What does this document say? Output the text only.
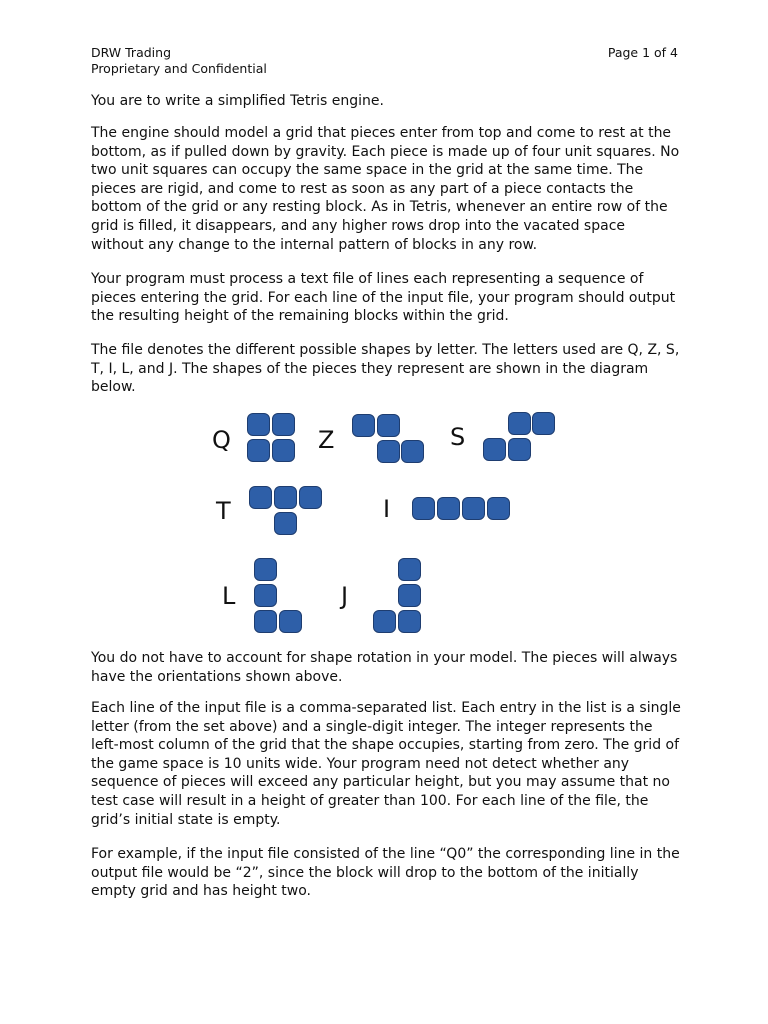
DRW Trading
Proprietary and Confidential
Page 1 of 4

You are to write a simplified Tetris engine.

The engine should model a grid that pieces enter from top and come to rest at the bottom, as if pulled down by gravity. Each piece is made up of four unit squares. No two unit squares can occupy the same space in the grid at the same time. The pieces are rigid, and come to rest as soon as any part of a piece contacts the bottom of the grid or any resting block. As in Tetris, whenever an entire row of the grid is filled, it disappears, and any higher rows drop into the vacated space without any change to the internal pattern of blocks in any row.

Your program must process a text file of lines each representing a sequence of pieces entering the grid. For each line of the input file, your program should output the resulting height of the remaining blocks within the grid.

The file denotes the different possible shapes by letter. The letters used are Q, Z, S, T, I, L, and J. The shapes of the pieces they represent are shown in the diagram below.

Q	Z	S
T	I
L	J

You do not have to account for shape rotation in your model. The pieces will always have the orientations shown above.

Each line of the input file is a comma-separated list. Each entry in the list is a single letter (from the set above) and a single-digit integer. The integer represents the left-most column of the grid that the shape occupies, starting from zero. The grid of the game space is 10 units wide. Your program need not detect whether any sequence of pieces will exceed any particular height, but you may assume that no test case will result in a height of greater than 100. For each line of the file, the grid’s initial state is empty.

For example, if the input file consisted of the line “Q0” the corresponding line in the output file would be “2”, since the block will drop to the bottom of the initially empty grid and has height two.
